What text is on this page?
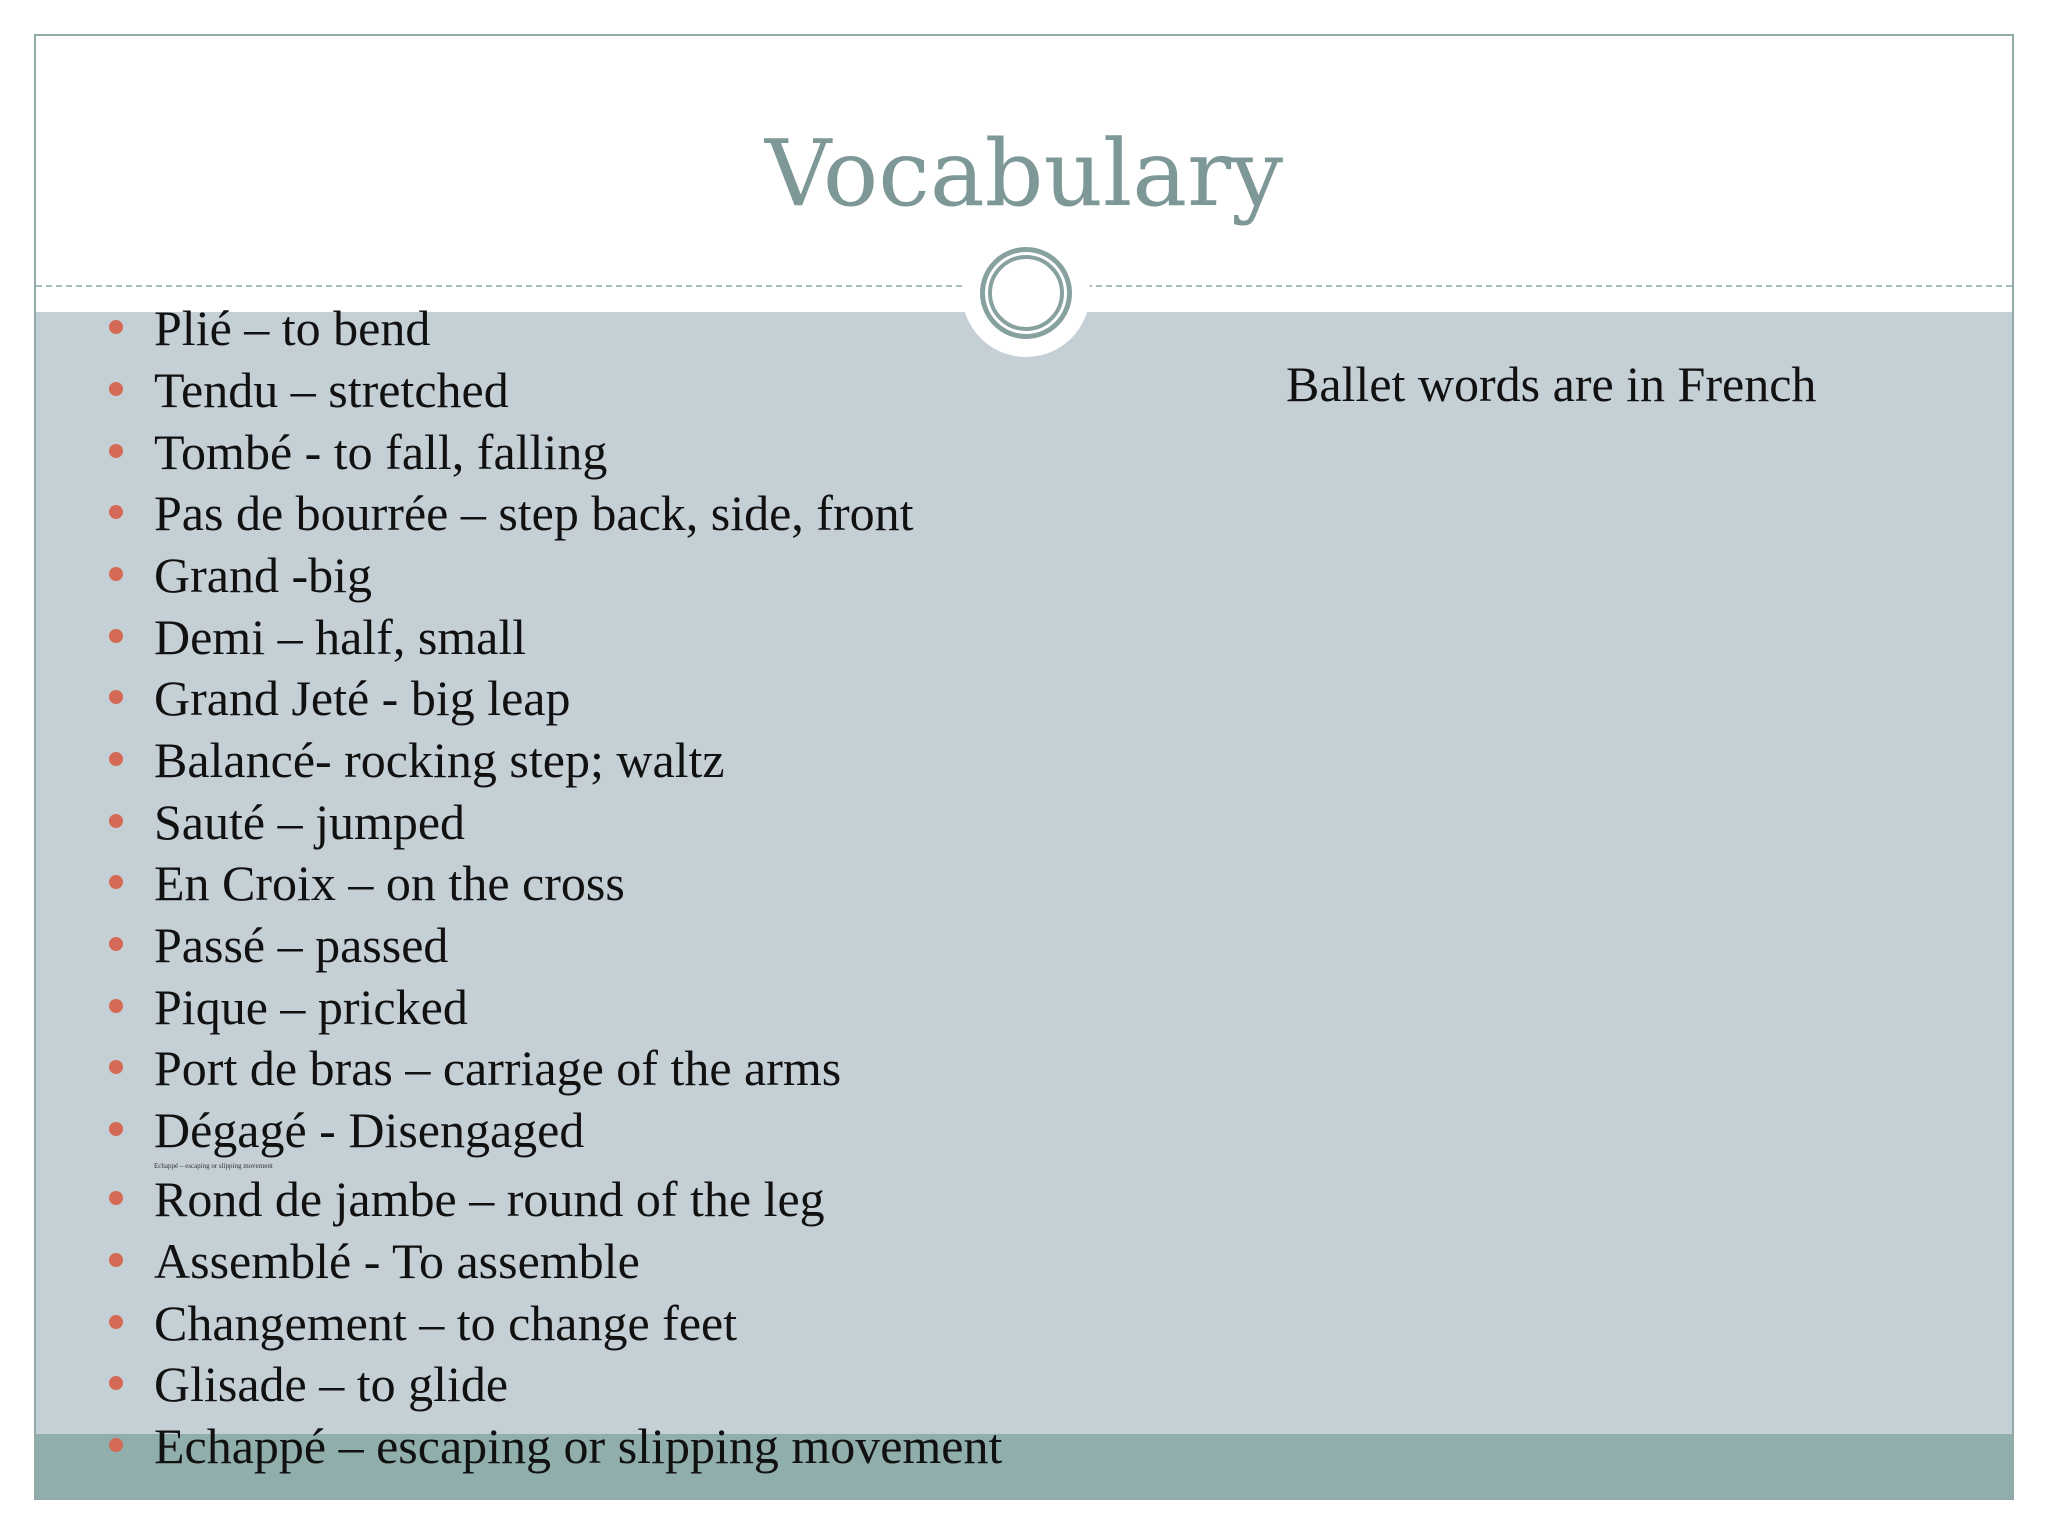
Vocabulary
Plié – to bend
Tendu – stretched
Tombé - to fall, falling
Pas de bourrée – step back, side, front
Grand -big
Demi – half, small
Grand Jeté - big leap
Balancé- rocking step; waltz
Sauté – jumped
En Croix – on the cross
Passé – passed
Pique – pricked
Port de bras – carriage of the arms
Dégagé - Disengaged
Rond de jambe – round of the leg
Assemblé - To assemble
Changement – to change feet
Glisade – to glide
Echappé – escaping or slipping movement
Echappé – escaping or slipping movement
Ballet words are in French
